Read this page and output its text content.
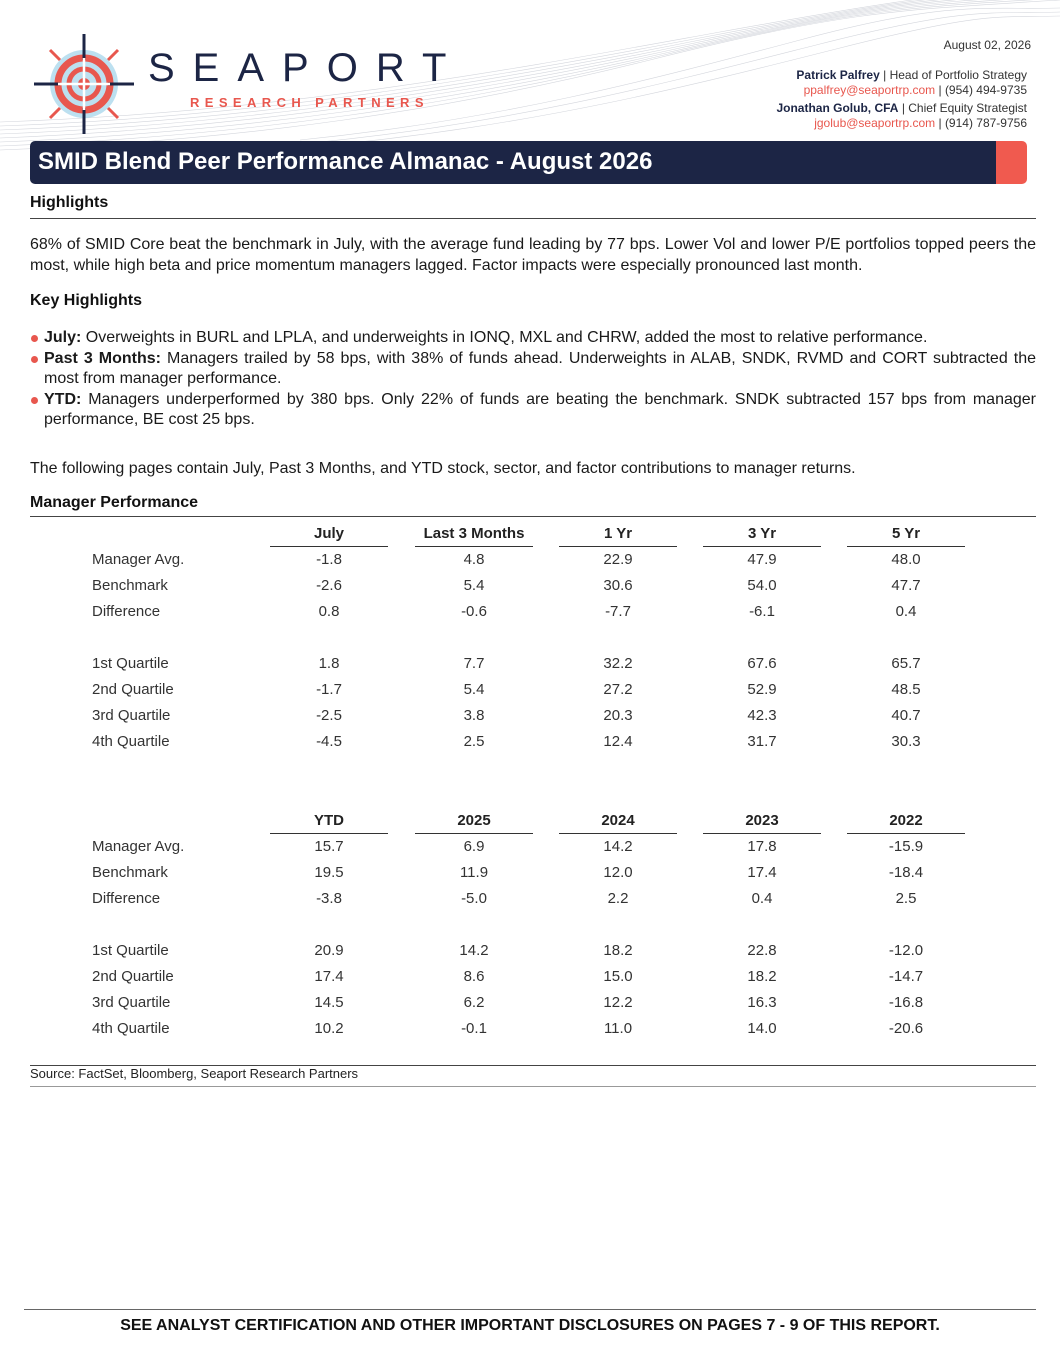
SEAPORT
RESEARCH PARTNERS
August 02, 2026
Patrick Palfrey | Head of Portfolio Strategy
ppalfrey@seaportrp.com | (954) 494-9735
Jonathan Golub, CFA | Chief Equity Strategist
jgolub@seaportrp.com | (914) 787-9756
SMID Blend Peer Performance Almanac - August 2026
Highlights
68% of SMID Core beat the benchmark in July, with the average fund leading by 77 bps. Lower Vol and lower P/E portfolios topped peers the most, while high beta and price momentum managers lagged. Factor impacts were especially pronounced last month.
Key Highlights
July: Overweights in BURL and LPLA, and underweights in IONQ, MXL and CHRW, added the most to relative performance.
Past 3 Months: Managers trailed by 58 bps, with 38% of funds ahead. Underweights in ALAB, SNDK, RVMD and CORT subtracted the most from manager performance.
YTD: Managers underperformed by 380 bps. Only 22% of funds are beating the benchmark. SNDK subtracted 157 bps from manager performance, BE cost 25 bps.
The following pages contain July, Past 3 Months, and YTD stock, sector, and factor contributions to manager returns.
Manager Performance
July	Last 3 Months	1 Yr	3 Yr	5 Yr
Manager Avg.	-1.8	4.8	22.9	47.9	48.0
Benchmark	-2.6	5.4	30.6	54.0	47.7
Difference	0.8	-0.6	-7.7	-6.1	0.4
1st Quartile	1.8	7.7	32.2	67.6	65.7
2nd Quartile	-1.7	5.4	27.2	52.9	48.5
3rd Quartile	-2.5	3.8	20.3	42.3	40.7
4th Quartile	-4.5	2.5	12.4	31.7	30.3
YTD	2025	2024	2023	2022
Manager Avg.	15.7	6.9	14.2	17.8	-15.9
Benchmark	19.5	11.9	12.0	17.4	-18.4
Difference	-3.8	-5.0	2.2	0.4	2.5
1st Quartile	20.9	14.2	18.2	22.8	-12.0
2nd Quartile	17.4	8.6	15.0	18.2	-14.7
3rd Quartile	14.5	6.2	12.2	16.3	-16.8
4th Quartile	10.2	-0.1	11.0	14.0	-20.6
Source: FactSet, Bloomberg, Seaport Research Partners
SEE ANALYST CERTIFICATION AND OTHER IMPORTANT DISCLOSURES ON PAGES 7 - 9 OF THIS REPORT.
